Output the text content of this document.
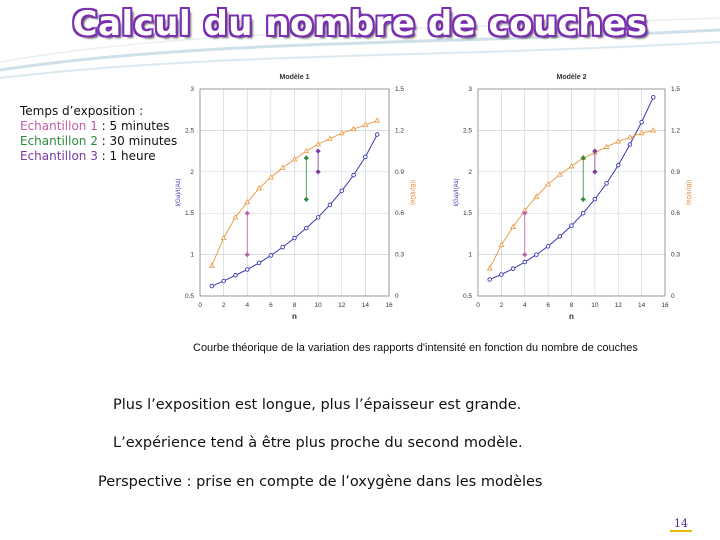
Calcul du nombre de couches
Temps d’exposition :
Echantillon 1 : 5 minutes
Echantillon 2 : 30 minutes
Echantillon 3 : 1 heure
0	2	4	6	8	10	12	14	16
0.5
1
1.5
2
2.5
3
0
0.3
0.6
0.9
1.2
1.5
Modèle 1
n
I(Ga)/I(As)	I(B)/I(Ga)
0	2	4	6	8	10 12 14 16
0.5
1
1.5
2
2.5
3
0
0.3
0.6
0.9
1.2
1.5
Modèle 2
n
I(Ga)/I(As)	I(B)/I(Ga)
Courbe théorique de la variation des rapports d'intensité en fonction du nombre de couches
Plus l’exposition est longue, plus l’épaisseur est grande.
L’expérience tend à être plus proche du second modèle.
Perspective : prise en compte de l’oxygène dans les modèles
14
